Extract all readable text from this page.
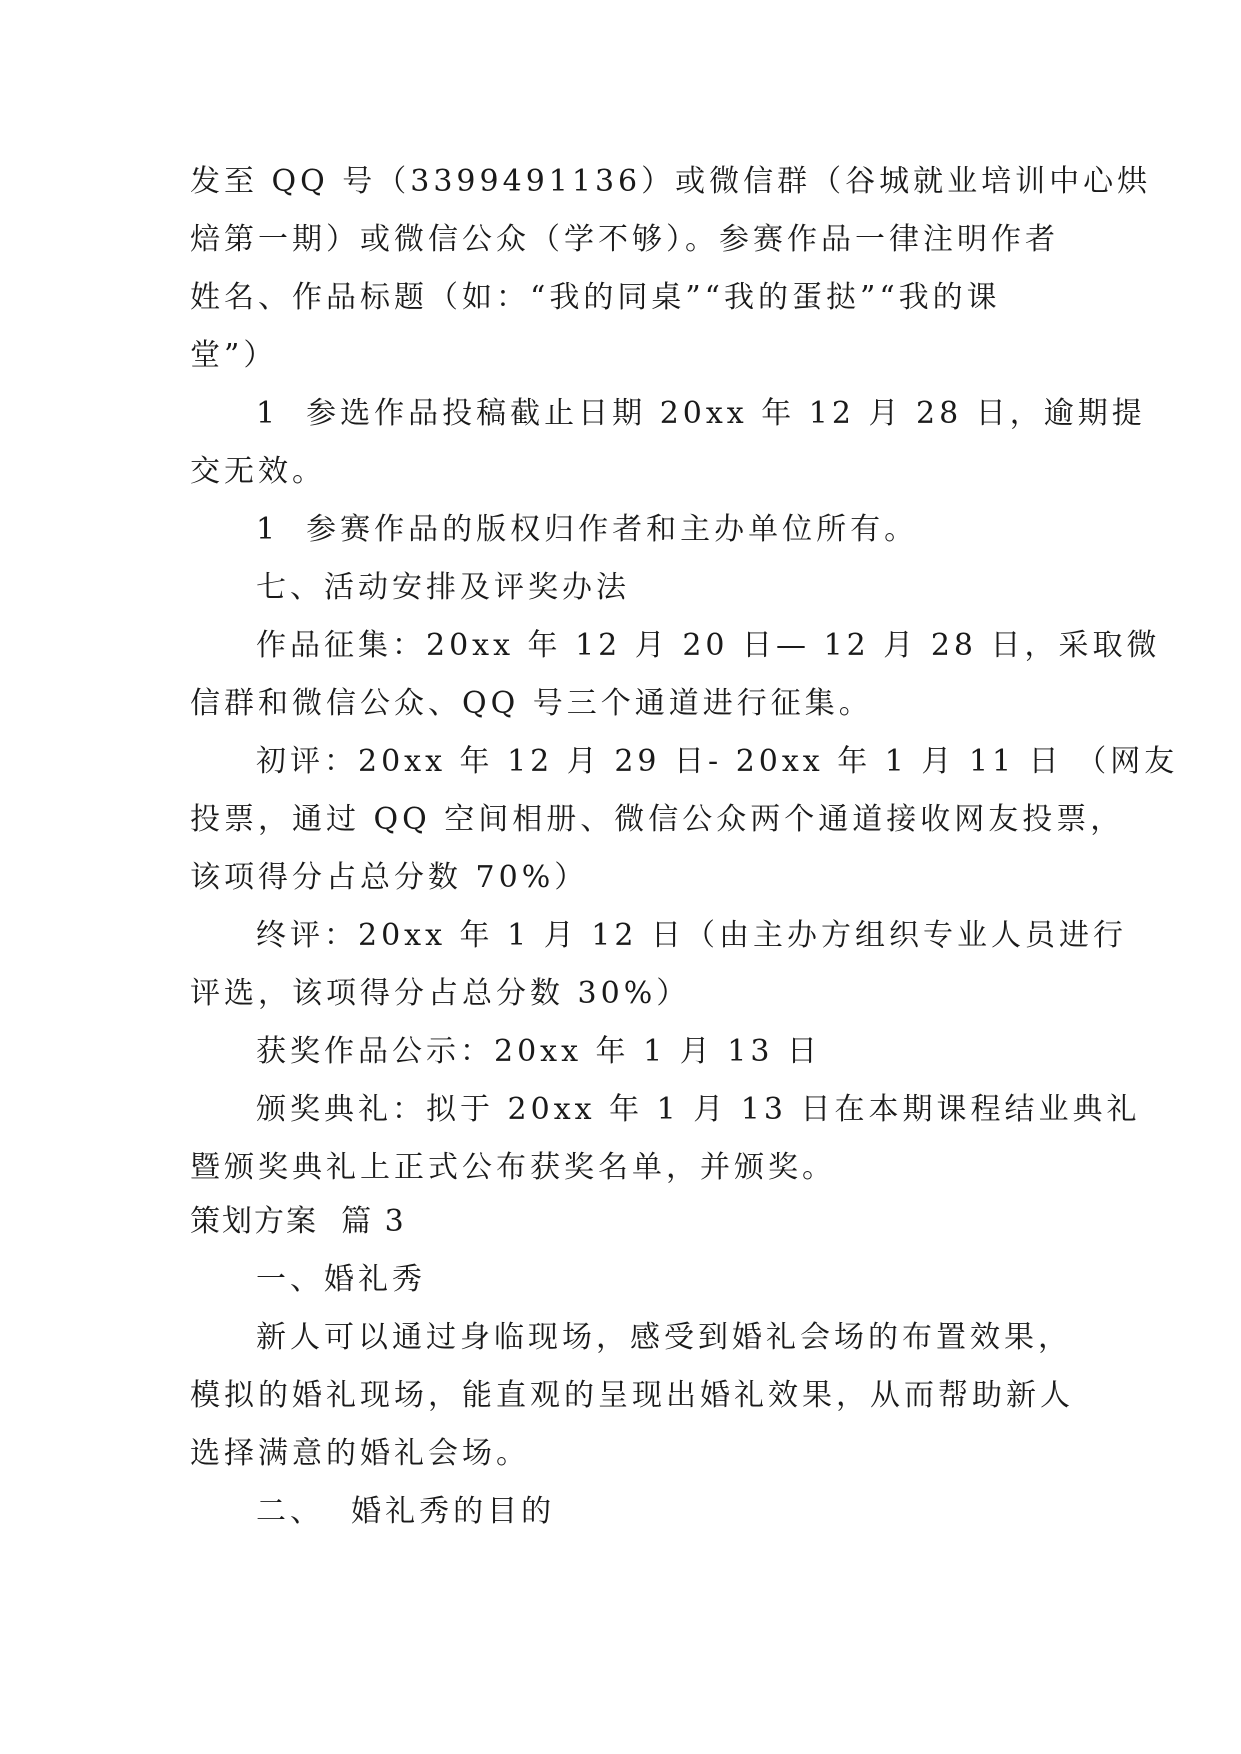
发至 QQ 号（3399491136）或微信群（谷城就业培训中心烘
焙第一期）或微信公众（学不够）。参赛作品一律注明作者
姓名、作品标题（如：“我的同桌”“我的蛋挞”“我的课
堂”）
1  参选作品投稿截止日期 20xx 年 12 月 28 日，逾期提
交无效。
1  参赛作品的版权归作者和主办单位所有。
七、活动安排及评奖办法
作品征集：20xx 年 12 月 20 日— 12 月 28 日，采取微
信群和微信公众、QQ 号三个通道进行征集。
初评：20xx 年 12 月 29 日- 20xx 年 1 月 11 日 （网友
投票，通过 QQ 空间相册、微信公众两个通道接收网友投票，
该项得分占总分数 70%）
终评：20xx 年 1 月 12 日（由主办方组织专业人员进行
评选，该项得分占总分数 30%）
获奖作品公示：20xx 年 1 月 13 日
颁奖典礼：拟于 20xx 年 1 月 13 日在本期课程结业典礼
暨颁奖典礼上正式公布获奖名单，并颁奖。
策划方案  篇 3
一、婚礼秀
新人可以通过身临现场，感受到婚礼会场的布置效果，
模拟的婚礼现场，能直观的呈现出婚礼效果，从而帮助新人
选择满意的婚礼会场。
二、  婚礼秀的目的
